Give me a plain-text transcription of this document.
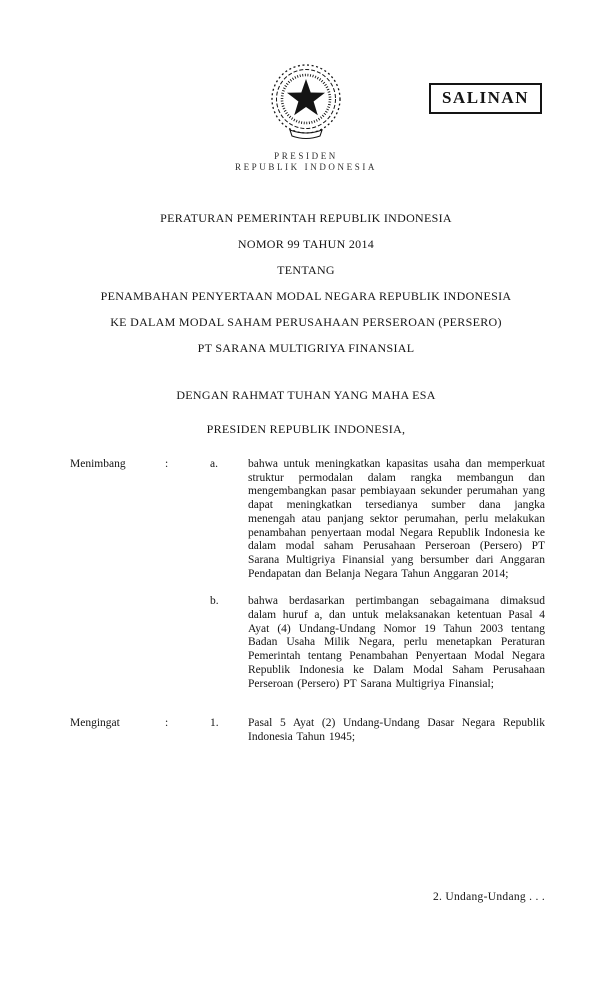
SALINAN
PRESIDEN
REPUBLIK INDONESIA
PERATURAN PEMERINTAH REPUBLIK INDONESIA
NOMOR 99 TAHUN 2014
TENTANG
PENAMBAHAN PENYERTAAN MODAL NEGARA REPUBLIK INDONESIA
KE DALAM MODAL SAHAM PERUSAHAAN PERSEROAN (PERSERO)
PT SARANA MULTIGRIYA FINANSIAL
DENGAN RAHMAT TUHAN YANG MAHA ESA
PRESIDEN REPUBLIK INDONESIA,
Menimbang	:	a.	bahwa untuk meningkatkan kapasitas usaha dan memperkuat struktur permodalan dalam rangka membangun dan mengembangkan pasar pembiayaan sekunder perumahan yang dapat meningkatkan tersedianya sumber dana jangka menengah atau panjang sektor perumahan, perlu melakukan penambahan penyertaan modal Negara Republik Indonesia ke dalam modal saham Perusahaan Perseroan (Persero) PT Sarana Multigriya Finansial yang bersumber dari Anggaran Pendapatan dan Belanja Negara Tahun Anggaran 2014;
b.	bahwa berdasarkan pertimbangan sebagaimana dimaksud dalam huruf a, dan untuk melaksanakan ketentuan Pasal 4 Ayat (4) Undang-Undang Nomor 19 Tahun 2003 tentang Badan Usaha Milik Negara, perlu menetapkan Peraturan Pemerintah tentang Penambahan Penyertaan Modal Negara Republik Indonesia ke Dalam Modal Saham Perusahaan Perseroan (Persero) PT Sarana Multigriya Finansial;
Mengingat	:	1.	Pasal 5 Ayat (2) Undang-Undang Dasar Negara Republik Indonesia Tahun 1945;
2. Undang-Undang . . .
